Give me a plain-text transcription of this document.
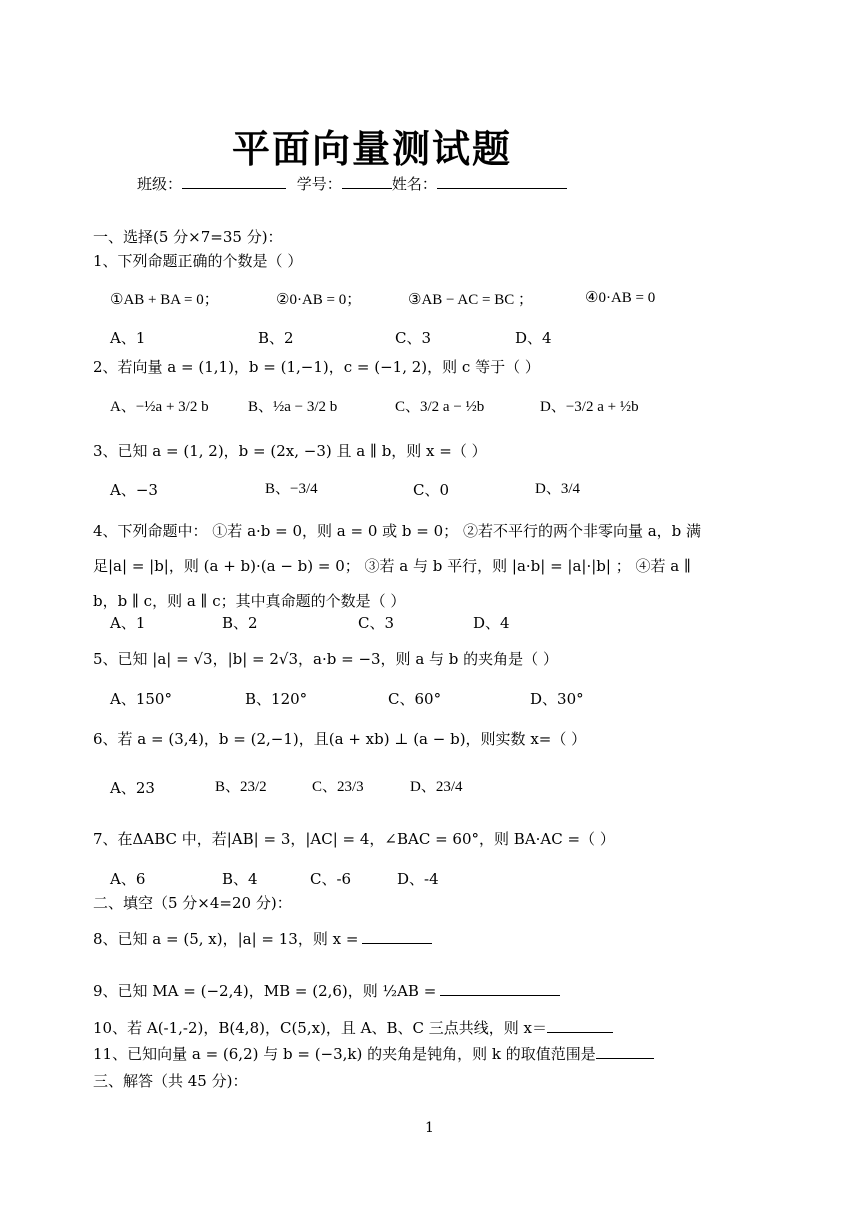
平面向量测试题
班级：	学号：	姓名：
一、选择(5 分×7=35 分)：
1、下列命题正确的个数是（ ）
①AB + BA = 0；	②0·AB = 0；	③AB − AC = BC ；	④0·AB = 0
A、1	B、2	C、3	D、4
2、若向量 a = (1,1)，b = (1,−1)，c = (−1, 2)，则 c 等于（ ）
A、−½a + 3/2 b	B、½a − 3/2 b	C、3/2 a − ½b	D、−3/2 a + ½b
3、已知 a = (1, 2)，b = (2x, −3) 且 a ∥ b，则 x =（ ）
A、−3	B、−3/4	C、0	D、3/4
4、下列命题中： ①若 a·b = 0，则 a = 0 或 b = 0； ②若不平行的两个非零向量 a，b 满
足|a| = |b|，则 (a + b)·(a − b) = 0； ③若 a 与 b 平行，则 |a·b| = |a|·|b| ； ④若 a ∥
b，b ∥ c，则 a ∥ c；其中真命题的个数是（ ）
A、1	B、2	C、3	D、4
5、已知 |a| = √3，|b| = 2√3，a·b = −3，则 a 与 b 的夹角是（ ）
A、150°	B、120°	C、60°	D、30°
6、若 a = (3,4)，b = (2,−1)，且(a + xb) ⊥ (a − b)，则实数 x=（ ）
A、23	B、23/2	C、23/3	D、23/4
7、在ΔABC 中，若|AB| = 3，|AC| = 4，∠BAC = 60°，则 BA·AC =（ ）
A、6	B、4	C、-6	D、-4
二、填空（5 分×4=20 分)：
8、已知 a = (5, x)，|a| = 13，则 x =
9、已知 MA = (−2,4)，MB = (2,6)，则 ½AB =
10、若 A(-1,-2)，B(4,8)，C(5,x)，且 A、B、C 三点共线，则 x＝
11、已知向量 a = (6,2) 与 b = (−3,k) 的夹角是钝角，则 k 的取值范围是
三、解答（共 45 分)：
1
